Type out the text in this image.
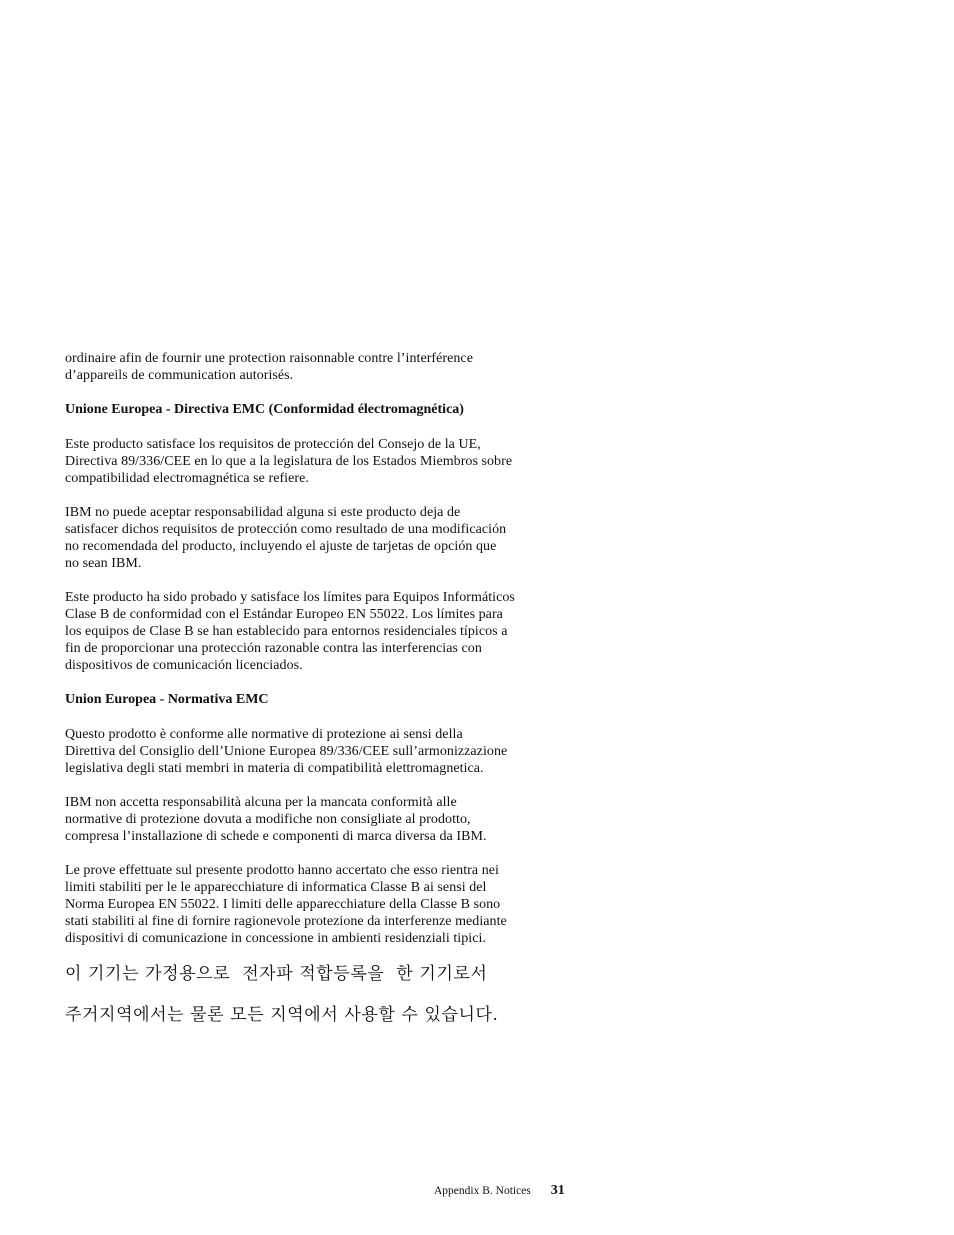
ordinaire afin de fournir une protection raisonnable contre l’interférence
d’appareils de communication autorisés.

Unione Europea - Directiva EMC (Conformidad électromagnética)

Este producto satisface los requisitos de protección del Consejo de la UE,
Directiva 89/336/CEE en lo que a la legislatura de los Estados Miembros sobre
compatibilidad electromagnética se refiere.

IBM no puede aceptar responsabilidad alguna si este producto deja de
satisfacer dichos requisitos de protección como resultado de una modificación
no recomendada del producto, incluyendo el ajuste de tarjetas de opción que
no sean IBM.

Este producto ha sido probado y satisface los límites para Equipos Informáticos
Clase B de conformidad con el Estándar Europeo EN 55022. Los límites para
los equipos de Clase B se han establecido para entornos residenciales típicos a
fin de proporcionar una protección razonable contra las interferencias con
dispositivos de comunicación licenciados.

Union Europea - Normativa EMC

Questo prodotto è conforme alle normative di protezione ai sensi della
Direttiva del Consiglio dell’Unione Europea 89/336/CEE sull’armonizzazione
legislativa degli stati membri in materia di compatibilità elettromagnetica.

IBM non accetta responsabilità alcuna per la mancata conformità alle
normative di protezione dovuta a modifiche non consigliate al prodotto,
compresa l’installazione di schede e componenti di marca diversa da IBM.

Le prove effettuate sul presente prodotto hanno accertato che esso rientra nei
limiti stabiliti per le le apparecchiature di informatica Classe B ai sensi del
Norma Europea EN 55022. I limiti delle apparecchiature della Classe B sono
stati stabiliti al fine di fornire ragionevole protezione da interferenze mediante
dispositivi di comunicazione in concessione in ambienti residenziali tipici.

이 기기는 가정용으로  전자파 적합등록을  한 기기로서

주거지역에서는 물론 모든 지역에서 사용할 수 있습니다.

Appendix B. Notices 31
